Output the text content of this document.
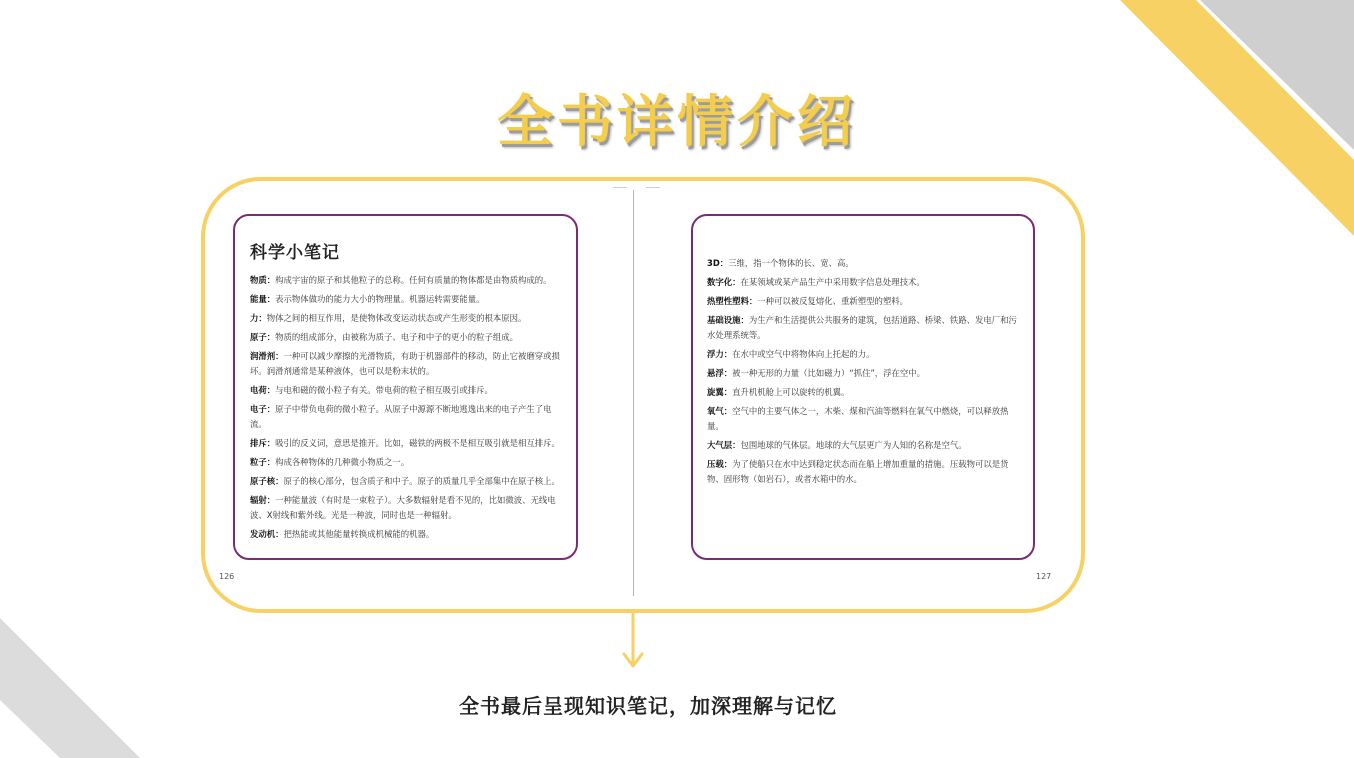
全书详情介绍
科学小笔记
物质：构成宇宙的原子和其他粒子的总称。任何有质量的物体都是由物质构成的。
能量：表示物体做功的能力大小的物理量。机器运转需要能量。
力：物体之间的相互作用，是使物体改变运动状态或产生形变的根本原因。
原子：物质的组成部分，由被称为质子、电子和中子的更小的粒子组成。
润滑剂：一种可以减少摩擦的光滑物质，有助于机器部件的移动，防止它被磨穿或损坏。润滑剂通常是某种液体，也可以是粉末状的。
电荷：与电和磁的微小粒子有关。带电荷的粒子相互吸引或排斥。
电子：原子中带负电荷的微小粒子。从原子中源源不断地逃逸出来的电子产生了电流。
排斥：吸引的反义词，意思是推开。比如，磁铁的两极不是相互吸引就是相互排斥。
粒子：构成各种物体的几种微小物质之一。
原子核：原子的核心部分，包含质子和中子。原子的质量几乎全部集中在原子核上。
辐射：一种能量波（有时是一束粒子）。大多数辐射是看不见的，比如微波、无线电波、X射线和紫外线。光是一种波，同时也是一种辐射。
发动机：把热能或其他能量转换成机械能的机器。
3D：三维，指一个物体的长、宽、高。
数字化：在某领域或某产品生产中采用数字信息处理技术。
热塑性塑料：一种可以被反复熔化、重新塑型的塑料。
基础设施：为生产和生活提供公共服务的建筑，包括道路、桥梁、铁路、发电厂和污水处理系统等。
浮力：在水中或空气中将物体向上托起的力。
悬浮：被一种无形的力量（比如磁力）“抓住”，浮在空中。
旋翼：直升机机舱上可以旋转的机翼。
氧气：空气中的主要气体之一，木柴、煤和汽油等燃料在氧气中燃烧，可以释放热量。
大气层：包围地球的气体层。地球的大气层更广为人知的名称是空气。
压载：为了使船只在水中达到稳定状态而在船上增加重量的措施。压载物可以是货物、固形物（如岩石），或者水箱中的水。
126	127
全书最后呈现知识笔记，加深理解与记忆
